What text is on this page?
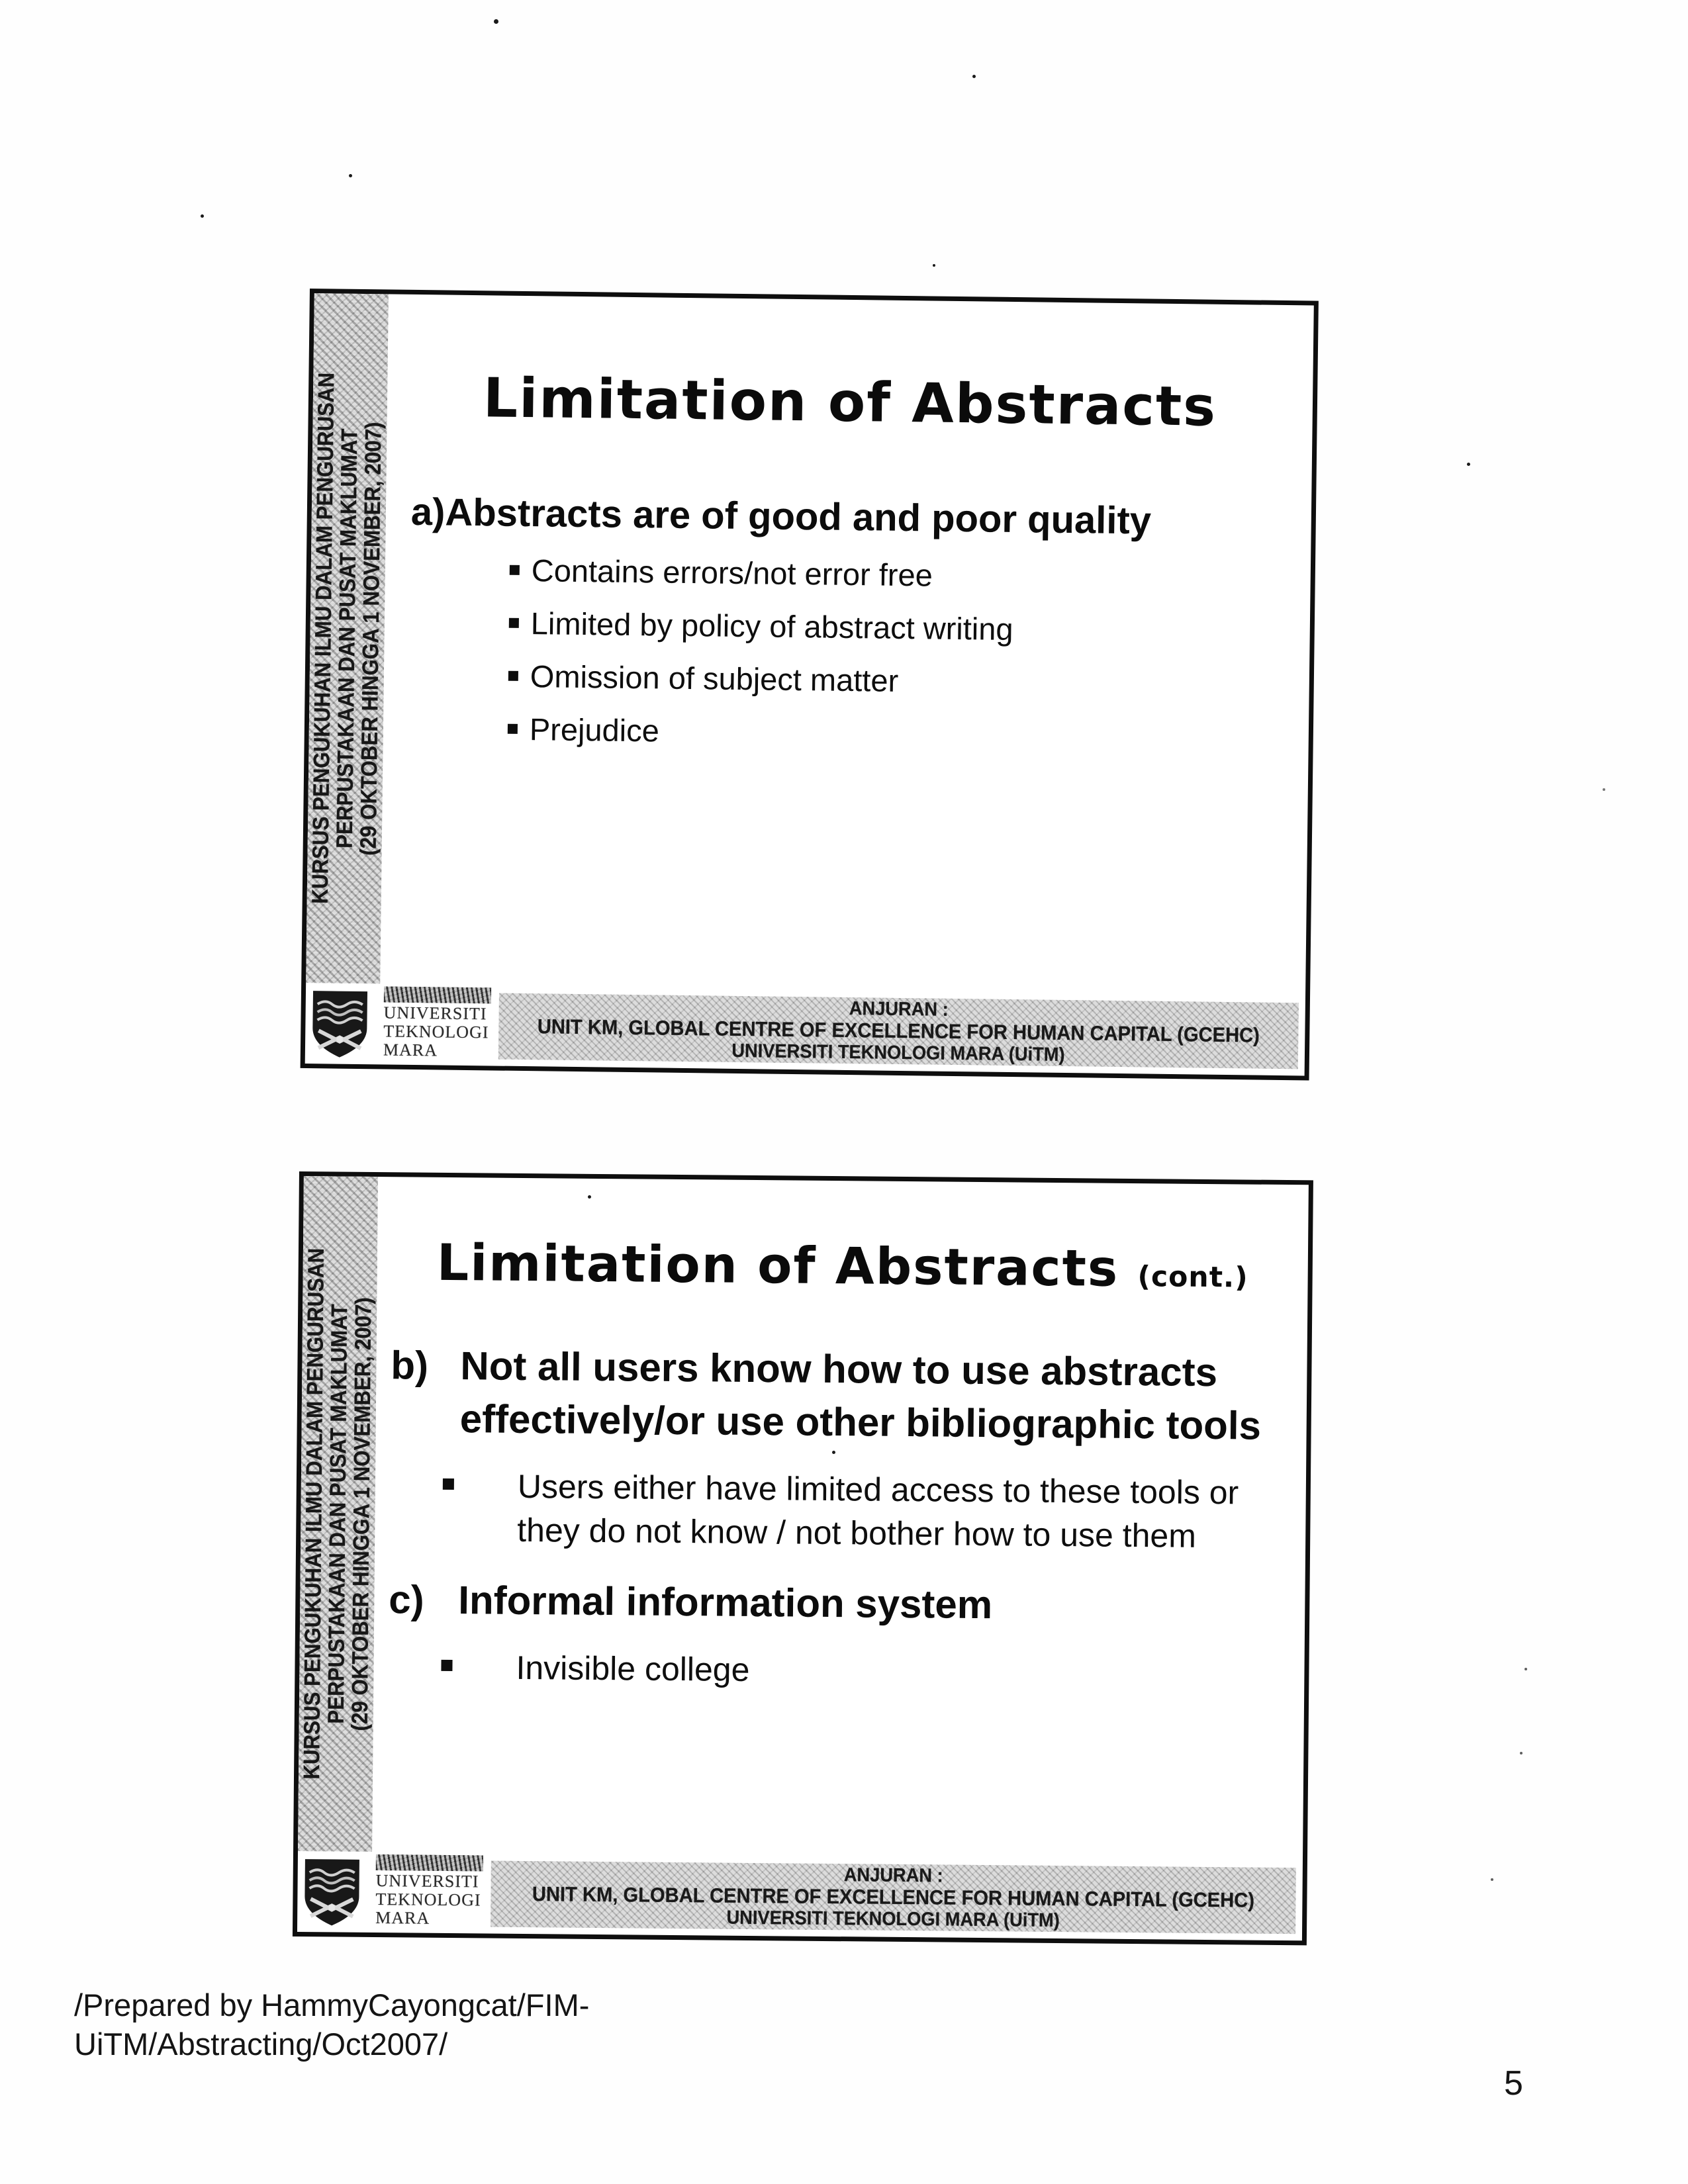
KURSUS PENGUKUHAN ILMU DALAM PENGURUSAN
PERPUSTAKAAN DAN PUSAT MAKLUMAT
(29 OKTOBER HINGGA 1 NOVEMBER, 2007)
Limitation of Abstracts
a) Abstracts are of good and poor quality
Contains errors/not error free
Limited by policy of abstract writing
Omission of subject matter
Prejudice
UNIVERSITI
TEKNOLOGI
MARA
ANJURAN :
UNIT KM, GLOBAL CENTRE OF EXCELLENCE FOR HUMAN CAPITAL (GCEHC)
UNIVERSITI TEKNOLOGI MARA (UiTM)
KURSUS PENGUKUHAN ILMU DALAM PENGURUSAN
PERPUSTAKAAN DAN PUSAT MAKLUMAT
(29 OKTOBER HINGGA 1 NOVEMBER, 2007)
Limitation of Abstracts (cont.)
b) Not all users know how to use abstracts effectively/or use other bibliographic tools
Users either have limited access to these tools or they do not know / not bother how to use them
c) Informal information system
Invisible college
UNIVERSITI
TEKNOLOGI
MARA
ANJURAN :
UNIT KM, GLOBAL CENTRE OF EXCELLENCE FOR HUMAN CAPITAL (GCEHC)
UNIVERSITI TEKNOLOGI MARA (UiTM)
/Prepared by HammyCayongcat/FIM-
UiTM/Abstracting/Oct2007/
5
